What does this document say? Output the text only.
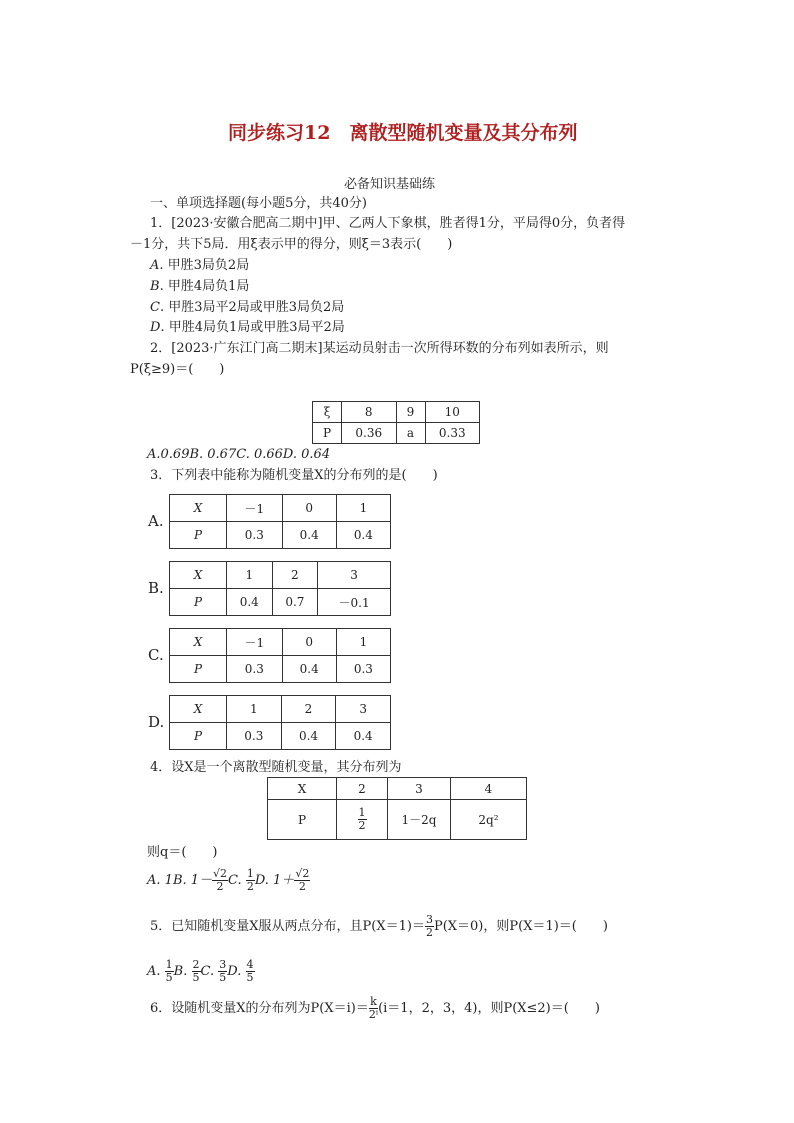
同步练习12　离散型随机变量及其分布列
必备知识基础练
一、单项选择题(每小题5分，共40分)
1．[2023·安徽合肥高二期中]甲、乙两人下象棋，胜者得1分，平局得0分，负者得
－1分，共下5局．用ξ表示甲的得分，则ξ＝3表示(　　)
A. 甲胜3局负2局
B. 甲胜4局负1局
C. 甲胜3局平2局或甲胜3局负2局
D. 甲胜4局负1局或甲胜3局平2局
2．[2023·广东江门高二期末]某运动员射击一次所得环数的分布列如表所示，则
P(ξ≥9)＝(　　)
ξ	8	9	10
P	0.36	a	0.33
A.0.69B. 0.67C. 0.66D. 0.64
3．下列表中能称为随机变量X的分布列的是(　　)
A.
X	－1	0	1
P	0.3	0.4	0.4
B.
X	1	2	3
P	0.4	0.7	－0.1
C.
X	－1	0	1
P	0.3	0.4	0.3
D.
X	1	2	3
P	0.3	0.4	0.4
4．设X是一个离散型随机变量，其分布列为
X	2	3	4
P	$\frac{1}{2}$	1－2q	2q²
则q＝(　　)
A. 1B. $1- \frac{√2}{2} C$. $\frac{1}{2} D$. $1+ \frac{√2}{2}$
5．已知随机变量X服从两点分布，且$P(X=1)= \frac{3}{2} P(X=0)$，则P(X＝1)＝(　　)
A. $\frac{1}{5} B$. $\frac{2}{5} C$. $\frac{3}{5} D$. $\frac{4}{5}$
6．设随机变量X的分布列为$P(X=i)= \frac{k}{\text{2ⁱ}} (i=1$，2，3，4)，则P(X≤2)＝(　　)
